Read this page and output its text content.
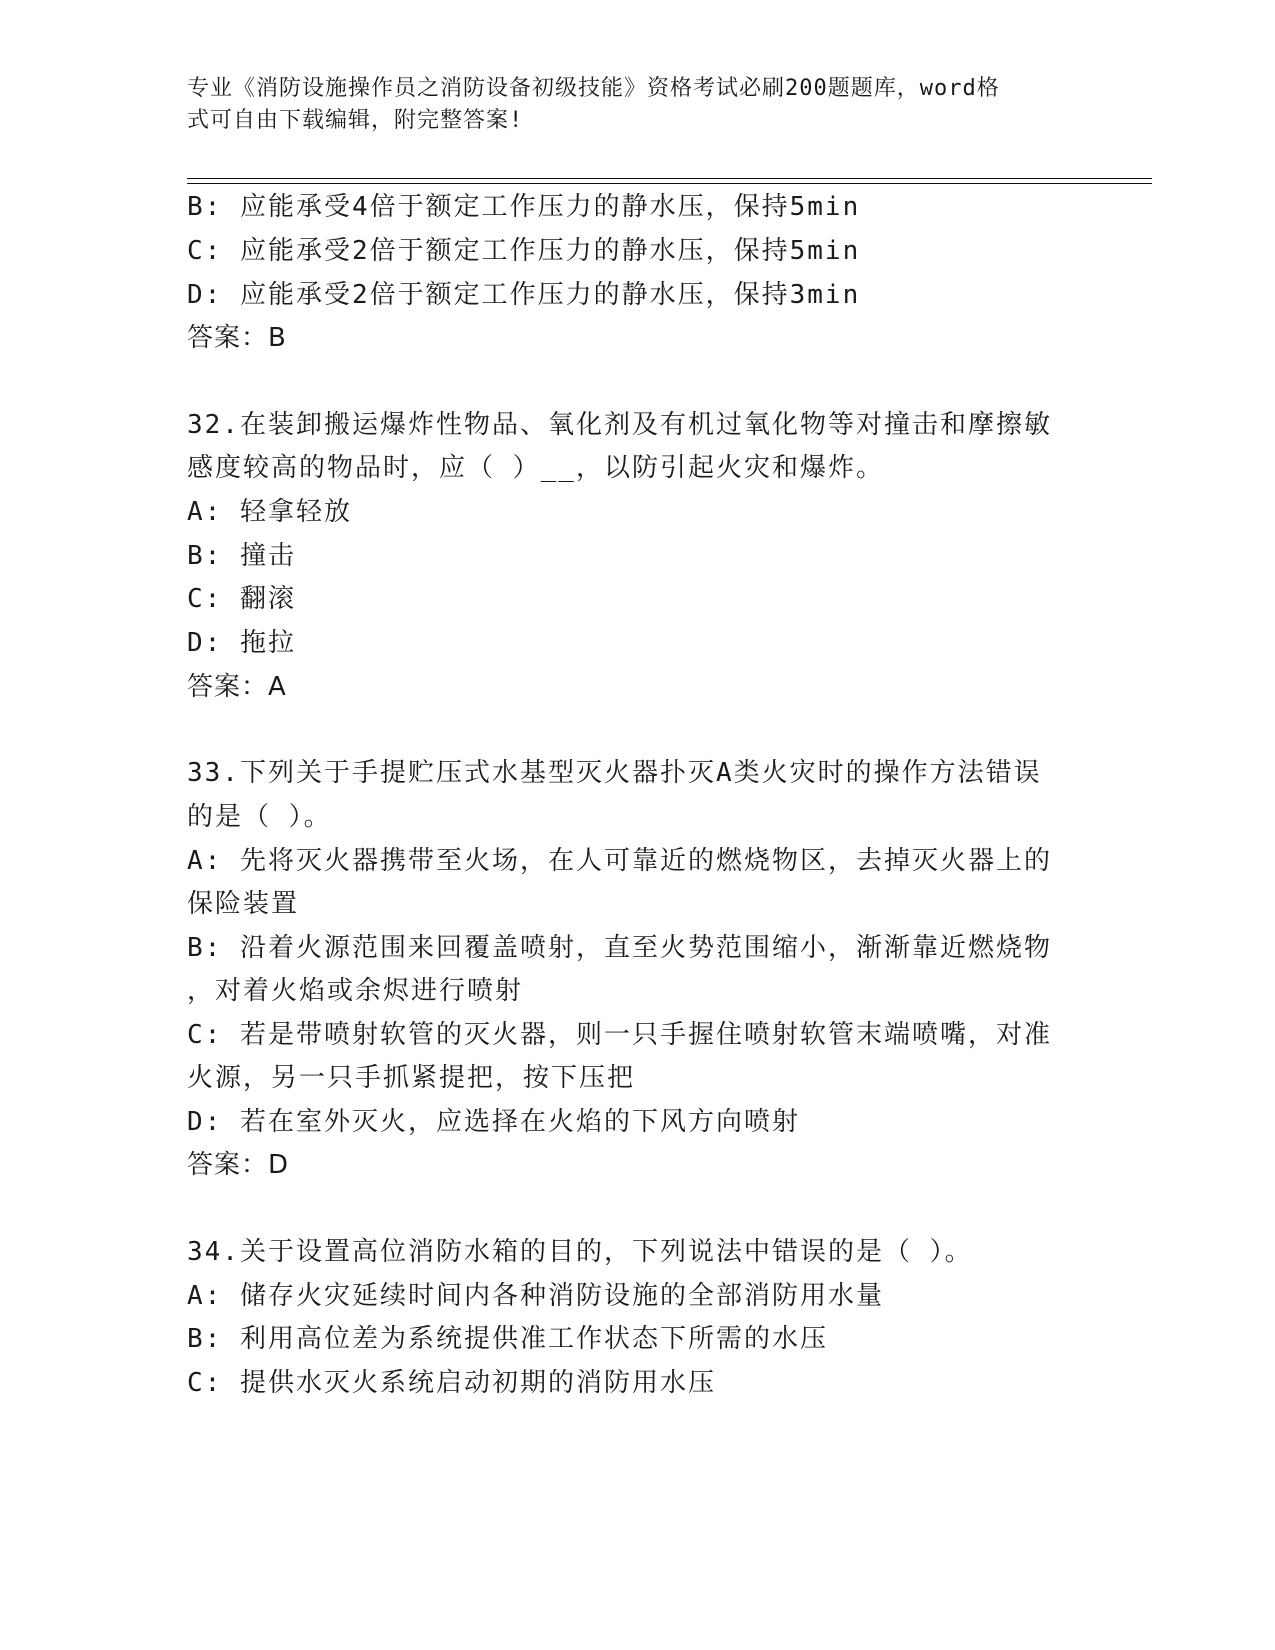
专业《消防设施操作员之消防设备初级技能》资格考试必刷200题题库，word格
式可自由下载编辑，附完整答案!
B: 应能承受4倍于额定工作压力的静水压，保持5min
C: 应能承受2倍于额定工作压力的静水压，保持5min
D: 应能承受2倍于额定工作压力的静水压，保持3min
答案：B
32.在装卸搬运爆炸性物品、氧化剂及有机过氧化物等对撞击和摩擦敏
感度较高的物品时，应（ ）__，以防引起火灾和爆炸。
A: 轻拿轻放
B: 撞击
C: 翻滚
D: 拖拉
答案：A
33.下列关于手提贮压式水基型灭火器扑灭A类火灾时的操作方法错误
的是（ ）。
A: 先将灭火器携带至火场，在人可靠近的燃烧物区，去掉灭火器上的
保险装置
B: 沿着火源范围来回覆盖喷射，直至火势范围缩小，渐渐靠近燃烧物
，对着火焰或余烬进行喷射
C: 若是带喷射软管的灭火器，则一只手握住喷射软管末端喷嘴，对准
火源，另一只手抓紧提把，按下压把
D: 若在室外灭火，应选择在火焰的下风方向喷射
答案：D
34.关于设置高位消防水箱的目的，下列说法中错误的是（ ）。
A: 储存火灾延续时间内各种消防设施的全部消防用水量
B: 利用高位差为系统提供准工作状态下所需的水压
C: 提供水灭火系统启动初期的消防用水压
